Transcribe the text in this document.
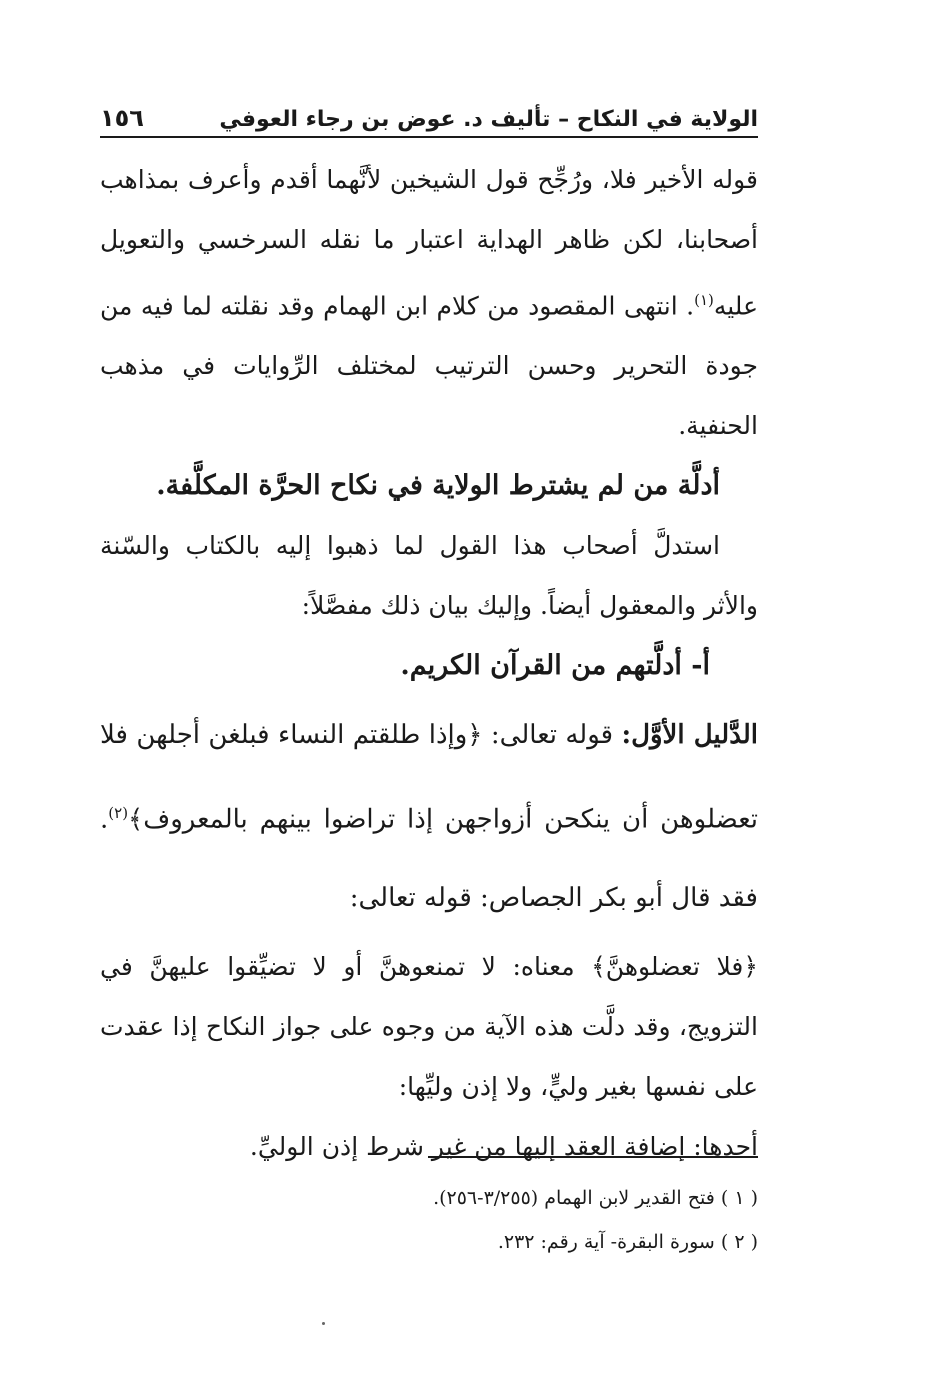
الولاية في النكاح – تأليف د. عوض بن رجاء العوفي
١٥٦

قوله الأخير فلا، ورُجِّح قول الشيخين لأنَّهما أقدم وأعرف بمذاهب أصحابنا، لكن ظاهر الهداية اعتبار ما نقله السرخسي والتعويل عليه$^{(١)}$. انتهى المقصود من كلام ابن الهمام وقد نقلته لما فيه من جودة التحرير وحسن الترتيب لمختلف الرِّوايات في مذهب الحنفية.

أدلَّة من لم يشترط الولاية في نكاح الحرَّة المكلَّفة.

استدلَّ أصحاب هذا القول لما ذهبوا إليه بالكتاب والسّنة والأثر والمعقول أيضاً. وإليك بيان ذلك مفصَّلاً:

أ- أدلَّتهم من القرآن الكريم.

الدَّليل الأوَّل: قوله تعالى: ﴿وإذا طلقتم النساء فبلغن أجلهن فلا تعضلوهن أن ينكحن أزواجهن إذا تراضوا بينهم بالمعروف﴾$^{(٢)}$. فقد قال أبو بكر الجصاص: قوله تعالى:

﴿فلا تعضلوهنَّ﴾ معناه: لا تمنعوهنَّ أو لا تضيِّقوا عليهنَّ في التزويج، وقد دلَّت هذه الآية من وجوه على جواز النكاح إذا عقدت على نفسها بغير وليٍّ، ولا إذن وليِّها:

أحدها: إضافة العقد إليها من غير شرط إذن الوليِّ.

( ١ ) فتح القدير لابن الهمام (٣/٢٥٥-٢٥٦).

( ٢ ) سورة البقرة- آية رقم: ٢٣٢.
